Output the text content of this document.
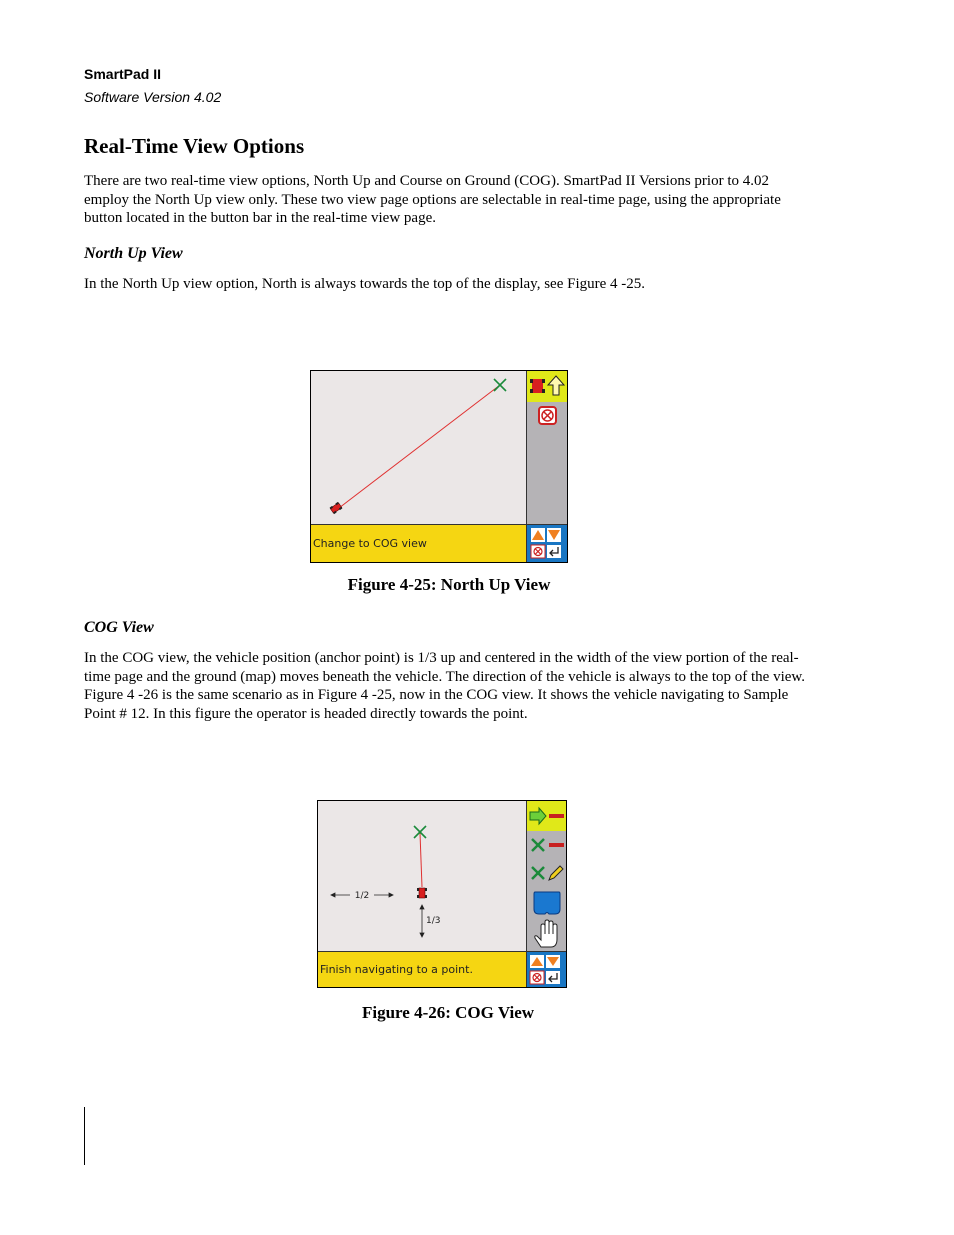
SmartPad II
Software Version 4.02
Real-Time View Options

There are two real-time view options, North Up and Course on Ground (COG). SmartPad II Versions prior to 4.02 employ the North Up view only. These two view page options are selectable in real-time page, using the appropriate button located in the button bar in the real-time view page.

North Up View

In the North Up view option, North is always towards the top of the display, see Figure 4 -25.

Change to COG view
Figure 4-25: North Up View
COG View

In the COG view, the vehicle position (anchor point) is 1/3 up and centered in the width of the view portion of the real-time page and the ground (map) moves beneath the vehicle. The direction of the vehicle is always to the top of the view. Figure 4 -26 is the same scenario as in Figure 4 -25, now in the COG view. It shows the vehicle navigating to Sample Point # 12. In this figure the operator is headed directly towards the point.

1/2
1/3
Finish navigating to a point.
Figure 4-26: COG View
